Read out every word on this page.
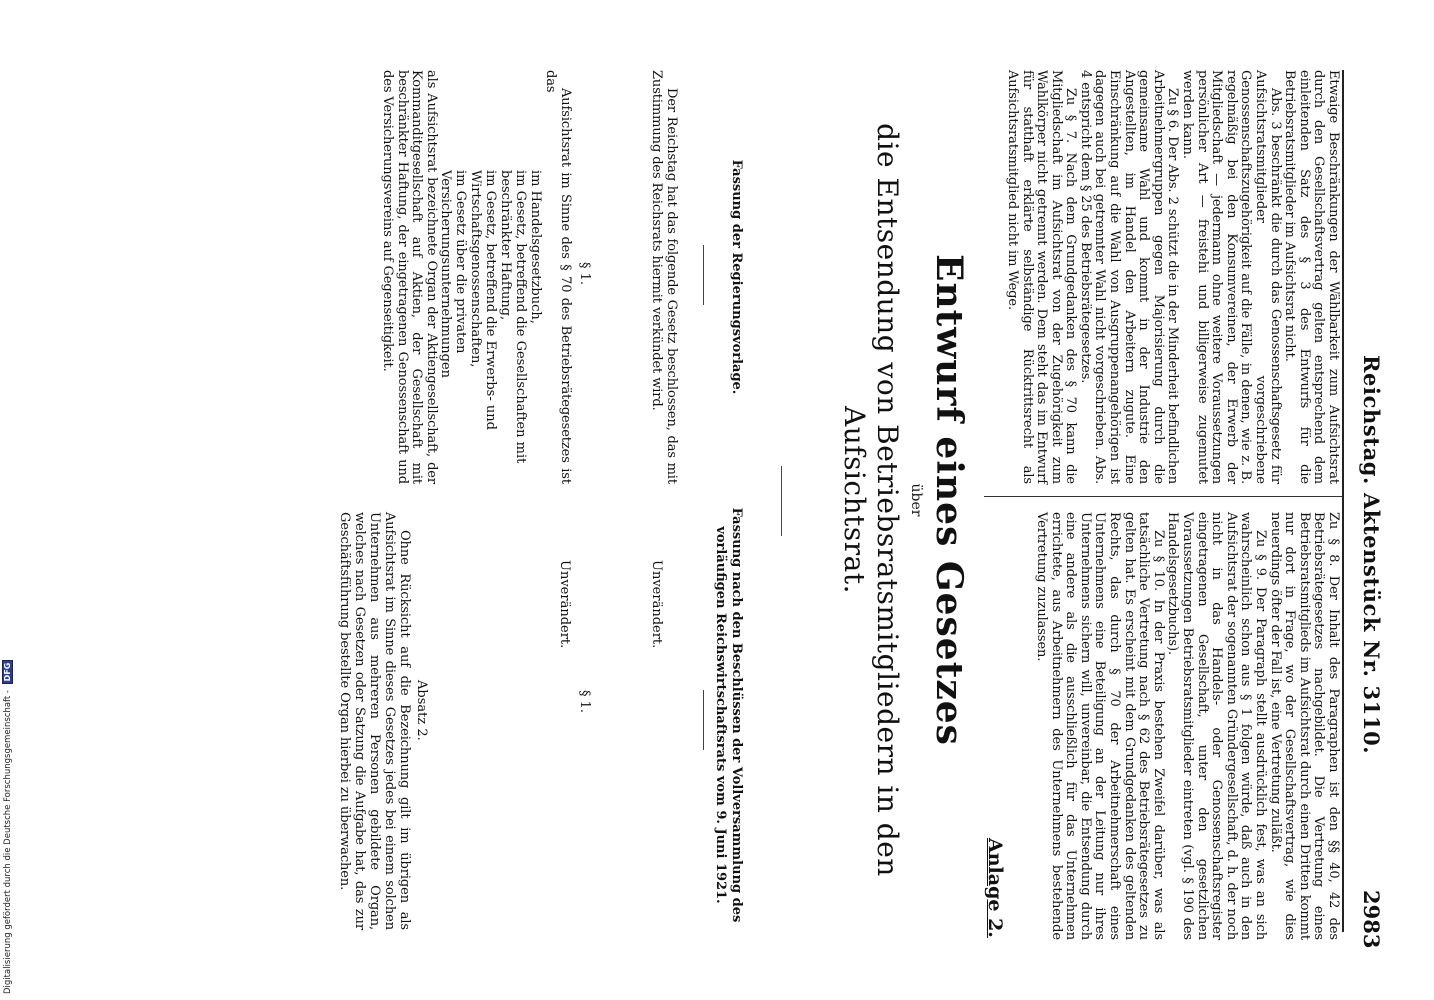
Reichstag. Aktenstück Nr. 3110.
2983

Etwaige Beschränkungen der Wählbarkeit zum Aufsichtsrat durch den Gesellschaftsvertrag gelten entsprechend dem einleitenden Satz des § 3 des Entwurfs für die Betriebsratsmitglieder im Aufsichtsrat nicht.

Abs. 3 beschränkt die durch das Genossenschaftsgesetz für Aufsichtsratsmitglieder vorgeschriebene Genossenschaftszugehörigkeit auf die Fälle, in denen, wie z. B. regelmäßig bei den Konsumvereinen, der Erwerb der Mitgliedschaft — jedermann ohne weitere Voraussetzungen persönlicher Art — freistehi und billigerweise zugemutet werden kann.

Zu § 6. Der Abs. 2 schützt die in der Minderheit befindlichen Arbeitnehmergruppen gegen Majorisierung durch die gemeinsame Wahl und kommt in der Industrie den Angestellten, im Handel den Arbeitern zugute. Eine Einschränkung auf die Wahl von Ausgruppenangehörigen ist dagegen auch bei getrennter Wahl nicht vorgeschrieben. Abs. 4 entspricht dem § 25 des Betriebsrätegesetzes.

Zu § 7. Nach dem Grundgedanken des § 70 kann die Mitgliedschaft im Aufsichtsrat von der Zugehörigkeit zum Wahlkörper nicht getrennt werden. Dem steht das im Entwurf für statthaft erklärte selbständige Rücktrittsrecht als Aufsichtsratsmitglied nicht im Wege.

Zu § 8. Der Inhalt des Paragraphen ist den §§ 40, 42 des Betriebsrätegesetzes nachgebildet. Die Vertretung eines Betriebsratsmitglieds im Aufsichtsrat durch einen Dritten kommt nur dort in Frage, wo der Gesellschaftsvertrag, wie dies neuerdings öfter der Fall ist, eine Vertretung zuläßt.

Zu § 9. Der Paragraph stellt ausdrücklich fest, was an sich wahrscheinlich schon aus § 1 folgen würde, daß auch in den Aufsichtsrat der sogenannten Gründergesellschaft, d. h. der noch nicht in das Handels- oder Genossenschaftsregister eingetragenen Gesellschaft, unter den gesetzlichen Voraussetzungen Betriebsratsmitglieder eintreten (vgl. § 190 des Handelsgesetzbuchs).

Zu § 10. In der Praxis bestehen Zweifel darüber, was als tatsächliche Vertretung nach § 62 des Betriebsrätegesetzes zu gelten hat. Es erscheint mit dem Grundgedanken des geltenden Rechts, das durch § 70 der Arbeitnehmerschaft eines Unternehmens eine Beteiligung an der Leitung nur ihres Unternehmens sichern will, unvereinbar, die Entsendung durch eine andere als die ausschließlich für das Unternehmen errichtete, aus Arbeitnehmern des Unternehmens bestehende Vertretung zuzulassen.

Anlage 2.
Entwurf eines Gesetzes
über
die Entsendung von Betriebsratsmitgliedern in den Aufsichtsrat.
Fassung der Regierungsvorlage.
Fassung nach den Beschlüssen der Vollversammlung des vorläufigen Reichswirtschaftsrats vom 9. Juni 1921.

Der Reichstag hat das folgende Gesetz beschlossen, das mit Zustimmung des Reichsrats hiermit verkündet wird.

Unverändert.
§ 1.
§ 1.

Aufsichtsrat im Sinne des § 70 des Betriebsrätegesetzes ist das

im Handelsgesetzbuch,
im Gesetz, betreffend die Gesellschaften mit beschränkter Haftung,
im Gesetz, betreffend die Erwerbs- und Wirtschaftsgenossenschaften,
im Gesetz über die privaten Versicherungsunternehmungen

als Aufsichtsrat bezeichnete Organ der Aktiengesellschaft, der Kommanditgesellschaft auf Aktien, der Gesellschaft mit beschränkter Haftung, der eingetragenen Genossenschaft und des Versicherungsvereins auf Gegenseitigkeit.

Unverändert.
Absatz 2.

Ohne Rücksicht auf die Bezeichnung gilt im übrigen als Aufsichtsrat im Sinne dieses Gesetzes jedes bei einem solchen Unternehmen aus mehreren Personen gebildete Organ, welches nach Gesetzen oder Satzung die Aufgabe hat, das zur Geschäftsführung bestellte Organ hierbei zu überwachen.

Digitalisierung gefördert durch die Deutsche Forschungsgemeinschaft - DFG
